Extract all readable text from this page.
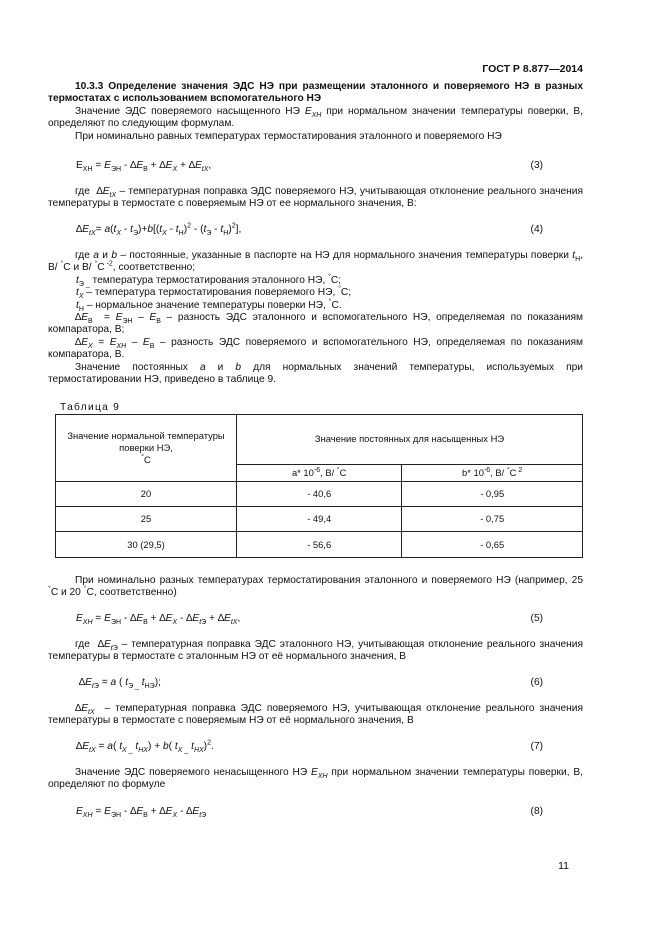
ГОСТ Р 8.877—2014
10.3.3 Определение значения ЭДС НЭ при размещении эталонного и поверяемого НЭ в разных термостатах с использованием вспомогательного НЭ
Значение ЭДС поверяемого насыщенного НЭ $E_{XH}$ при нормальном значении температуры поверки, В, определяют по следующим формулам.
При номинально равных температурах термостатирования эталонного и поверяемого НЭ
$E_{XH} = E_{ЭН} - \Delta E_В + \Delta E_X + \Delta E_{tX}$,	(3)
где  $\Delta E_{tX}$ – температурная поправка ЭДС поверяемого НЭ, учитывающая отклонение реального значения температуры в термостате с поверяемым НЭ от ее нормального значения, В:
$\Delta E_{tX}= a(t_X - t_Э)+b[(t_X - t_H)^2 - (t_Э - t_H)^2]$,	(4)
где a и b – постоянные, указанные в паспорте на НЭ для нормального значения температуры поверки $t_H$, В/ °C и В/ °C $^{-2}$, соответственно;
$t_{Э \_}$ температура термостатирования эталонного НЭ, °C;
$t_X$ – температура термостатирования поверяемого НЭ, °C;
$t_H$ – нормальное значение температуры поверки НЭ, °C.
$\Delta E_В = E_{ЭН} - E_В$ – разность ЭДС эталонного и вспомогательного НЭ, определяемая по показаниям компаратора, В;
$\Delta E_X = E_{XH} - E_В$ – разность ЭДС поверяемого и вспомогательного НЭ, определяемая по показаниям компаратора, В.
Значение постоянных a и b для нормальных значений температуры, используемых при термостатировании НЭ, приведено в таблице 9.
Таблица 9
Значение нормальной температуры поверки НЭ,
°C	Значение постоянных для насыщенных НЭ	
	a* $10^{-6}$, В/ °C	b* $10^{-6}$, В/ °C $^2$
20	- 40,6	- 0,95
25	- 49,4	- 0,75
30 (29,5)	- 56,6	- 0,65
При номинально разных температурах термостатирования эталонного и поверяемого НЭ (например, 25 °C и 20 °C, соответственно)
$E_{XH} = E_{ЭН} - \Delta E_В + \Delta E_X - \Delta E_{tЭ} + \Delta E_{tX}$,	(5)
где  $\Delta E_{tЭ}$ – температурная поправка ЭДС эталонного НЭ, учитывающая отклонение реального значения температуры в термостате с эталонным НЭ от её нормального значения, В
$\Delta E_{tЭ} = a$ ( $t_{Э \_}$ $t_{HЭ}$);	(6)
$\Delta E_{tX}$  – температурная поправка ЭДС поверяемого НЭ, учитывающая отклонение реального значения температуры в термостате с поверяемым НЭ от её нормального значения, В
$\Delta E_{tX} = a$( $t_{X \_}$ $t_{HX}) + b$( $t_{X \_}$ $t_{HX})^2$.	(7)
Значение ЭДС поверяемого ненасыщенного НЭ $E_{XH}$ при нормальном значении температуры поверки, В, определяют по формуле
$E_{XH} = E_{ЭН} - \Delta E_В + \Delta E_X - \Delta E_{tЭ}$	(8)
11
